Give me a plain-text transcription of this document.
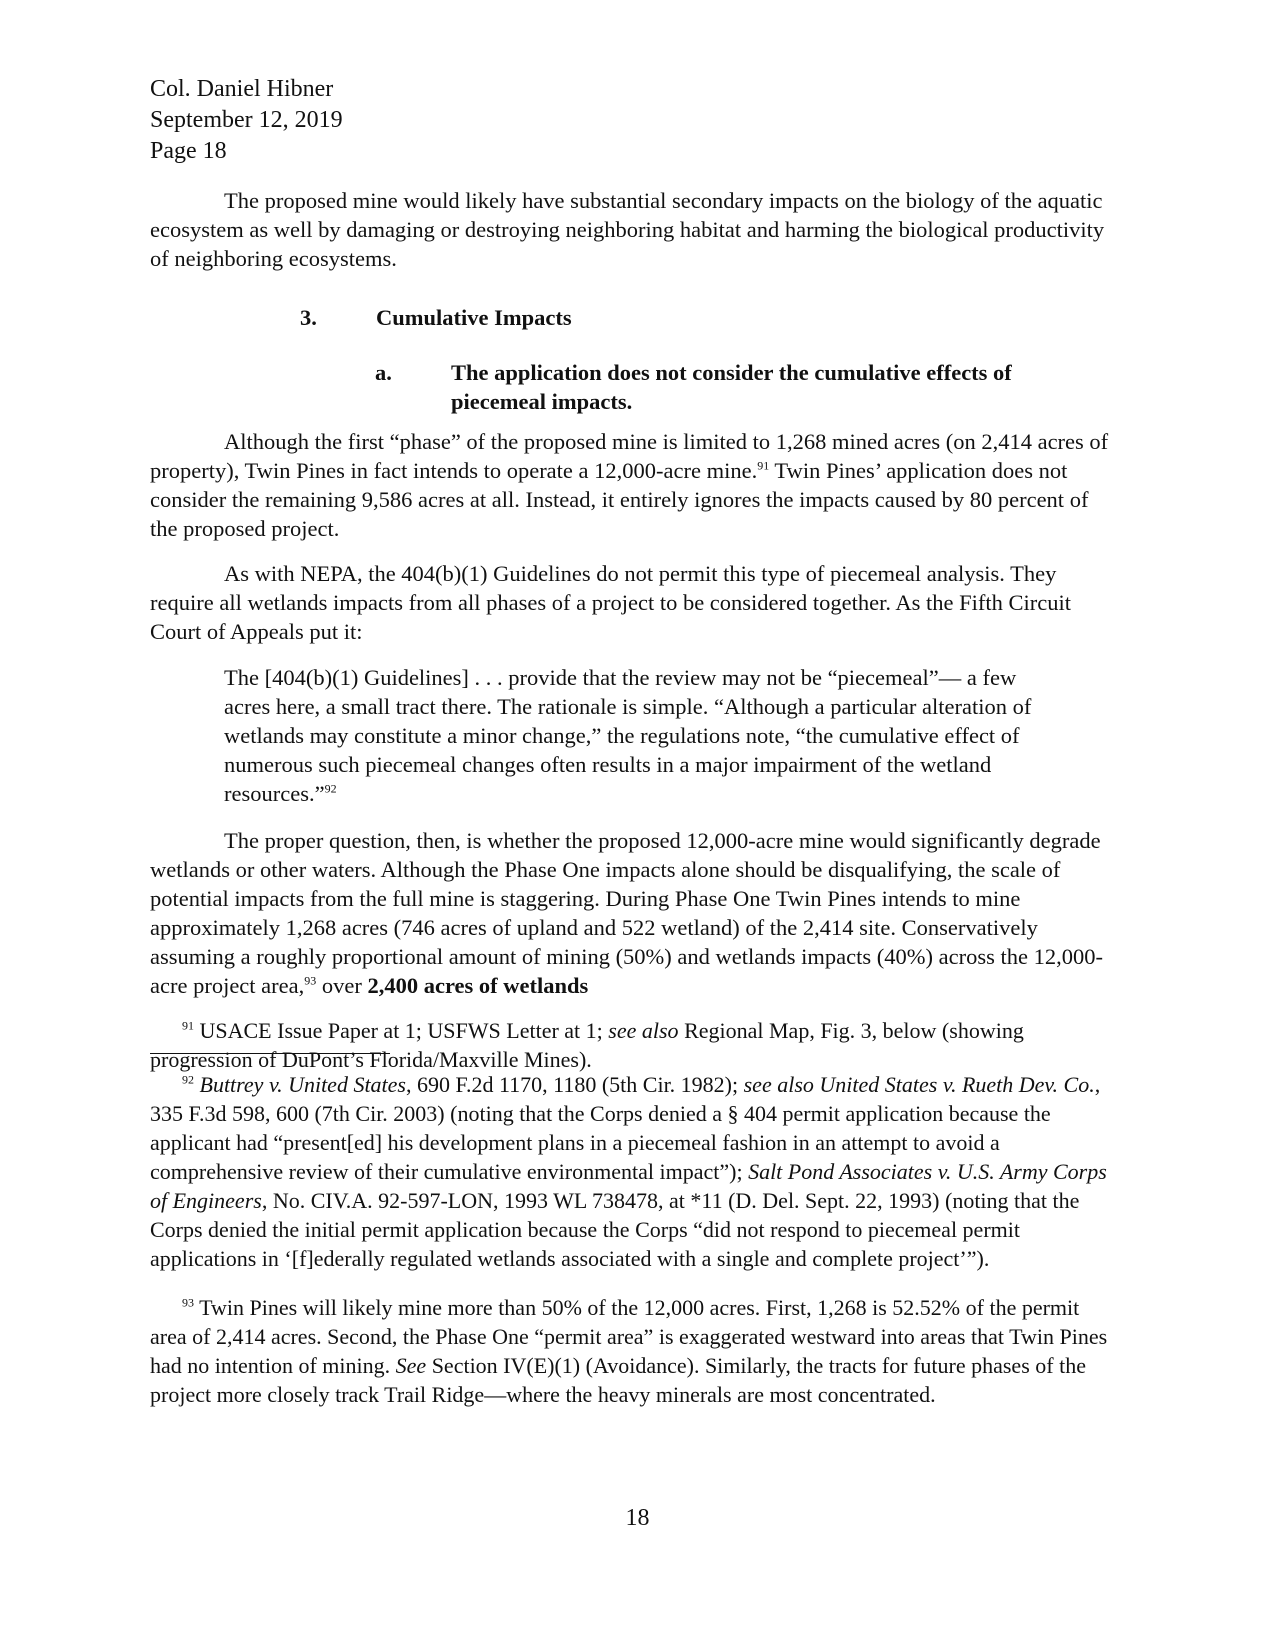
Col. Daniel Hibner
September 12, 2019
Page 18

The proposed mine would likely have substantial secondary impacts on the biology of the aquatic ecosystem as well by damaging or destroying neighboring habitat and harming the biological productivity of neighboring ecosystems.

3.	Cumulative Impacts
a.	The application does not consider the cumulative effects of piecemeal impacts.

Although the first “phase” of the proposed mine is limited to 1,268 mined acres (on 2,414 acres of property), Twin Pines in fact intends to operate a 12,000-acre mine.$^{91}$ Twin Pines’ application does not consider the remaining 9,586 acres at all. Instead, it entirely ignores the impacts caused by 80 percent of the proposed project.

As with NEPA, the 404(b)(1) Guidelines do not permit this type of piecemeal analysis. They require all wetlands impacts from all phases of a project to be considered together. As the Fifth Circuit Court of Appeals put it:

The [404(b)(1) Guidelines] . . . provide that the review may not be “piecemeal”— a few acres here, a small tract there. The rationale is simple. “Although a particular alteration of wetlands may constitute a minor change,” the regulations note, “the cumulative effect of numerous such piecemeal changes often results in a major impairment of the wetland resources.”$^{92}$

The proper question, then, is whether the proposed 12,000-acre mine would significantly degrade wetlands or other waters. Although the Phase One impacts alone should be disqualifying, the scale of potential impacts from the full mine is staggering. During Phase One Twin Pines intends to mine approximately 1,268 acres (746 acres of upland and 522 wetland) of the 2,414 site. Conservatively assuming a roughly proportional amount of mining (50%) and wetlands impacts (40%) across the 12,000-acre project area,$^{93}$ over 2,400 acres of wetlands

$^{91}$ USACE Issue Paper at 1; USFWS Letter at 1; see also Regional Map, Fig. 3, below (showing progression of DuPont’s Florida/Maxville Mines).

$^{92}$ Buttrey v. United States, 690 F.2d 1170, 1180 (5th Cir. 1982); see also United States v. Rueth Dev. Co., 335 F.3d 598, 600 (7th Cir. 2003) (noting that the Corps denied a § 404 permit application because the applicant had “present[ed] his development plans in a piecemeal fashion in an attempt to avoid a comprehensive review of their cumulative environmental impact”); Salt Pond Associates v. U.S. Army Corps of Engineers, No. CIV.A. 92-597-LON, 1993 WL 738478, at *11 (D. Del. Sept. 22, 1993) (noting that the Corps denied the initial permit application because the Corps “did not respond to piecemeal permit applications in ‘[f]ederally regulated wetlands associated with a single and complete project’”).

$^{93}$ Twin Pines will likely mine more than 50% of the 12,000 acres. First, 1,268 is 52.52% of the permit area of 2,414 acres. Second, the Phase One “permit area” is exaggerated westward into areas that Twin Pines had no intention of mining. See Section IV(E)(1) (Avoidance). Similarly, the tracts for future phases of the project more closely track Trail Ridge—where the heavy minerals are most concentrated.

18
